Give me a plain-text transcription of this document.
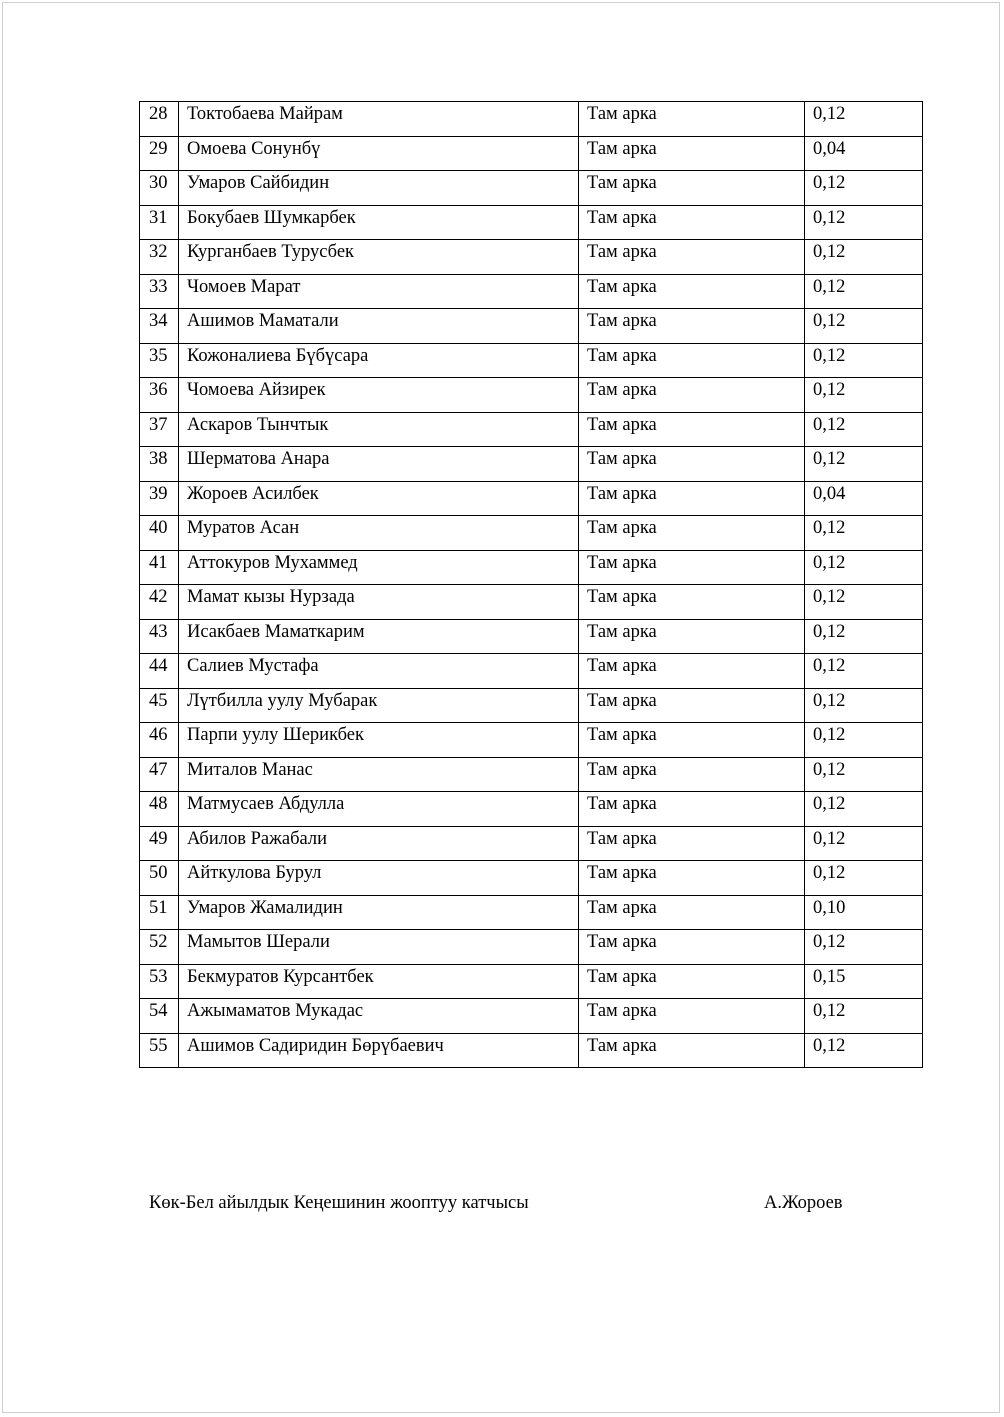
28	Токтобаева Майрам	Там арка	0,12
29	Омоева Сонунбү	Там арка	0,04
30	Умаров Сайбидин	Там арка	0,12
31	Бокубаев Шумкарбек	Там арка	0,12
32	Курганбаев Турусбек	Там арка	0,12
33	Чомоев Марат	Там арка	0,12
34	Ашимов Маматали	Там арка	0,12
35	Кожоналиева Бүбүсара	Там арка	0,12
36	Чомоева Айзирек	Там арка	0,12
37	Аскаров Тынчтык	Там арка	0,12
38	Шерматова Анара	Там арка	0,12
39	Жороев Асилбек	Там арка	0,04
40	Муратов Асан	Там арка	0,12
41	Аттокуров Мухаммед	Там арка	0,12
42	Мамат кызы Нурзада	Там арка	0,12
43	Исакбаев Маматкарим	Там арка	0,12
44	Салиев Мустафа	Там арка	0,12
45	Лүтбилла уулу Мубарак	Там арка	0,12
46	Парпи уулу Шерикбек	Там арка	0,12
47	Миталов Манас	Там арка	0,12
48	Матмусаев Абдулла	Там арка	0,12
49	Абилов Ражабали	Там арка	0,12
50	Айткулова Бурул	Там арка	0,12
51	Умаров Жамалидин	Там арка	0,10
52	Мамытов Шерали	Там арка	0,12
53	Бекмуратов Курсантбек	Там арка	0,15
54	Ажымаматов Мукадас	Там арка	0,12
55	Ашимов Садиридин Бөрүбаевич	Там арка	0,12
Көк-Бел айылдык Кеңешинин жооптуу катчысы	А.Жороев
